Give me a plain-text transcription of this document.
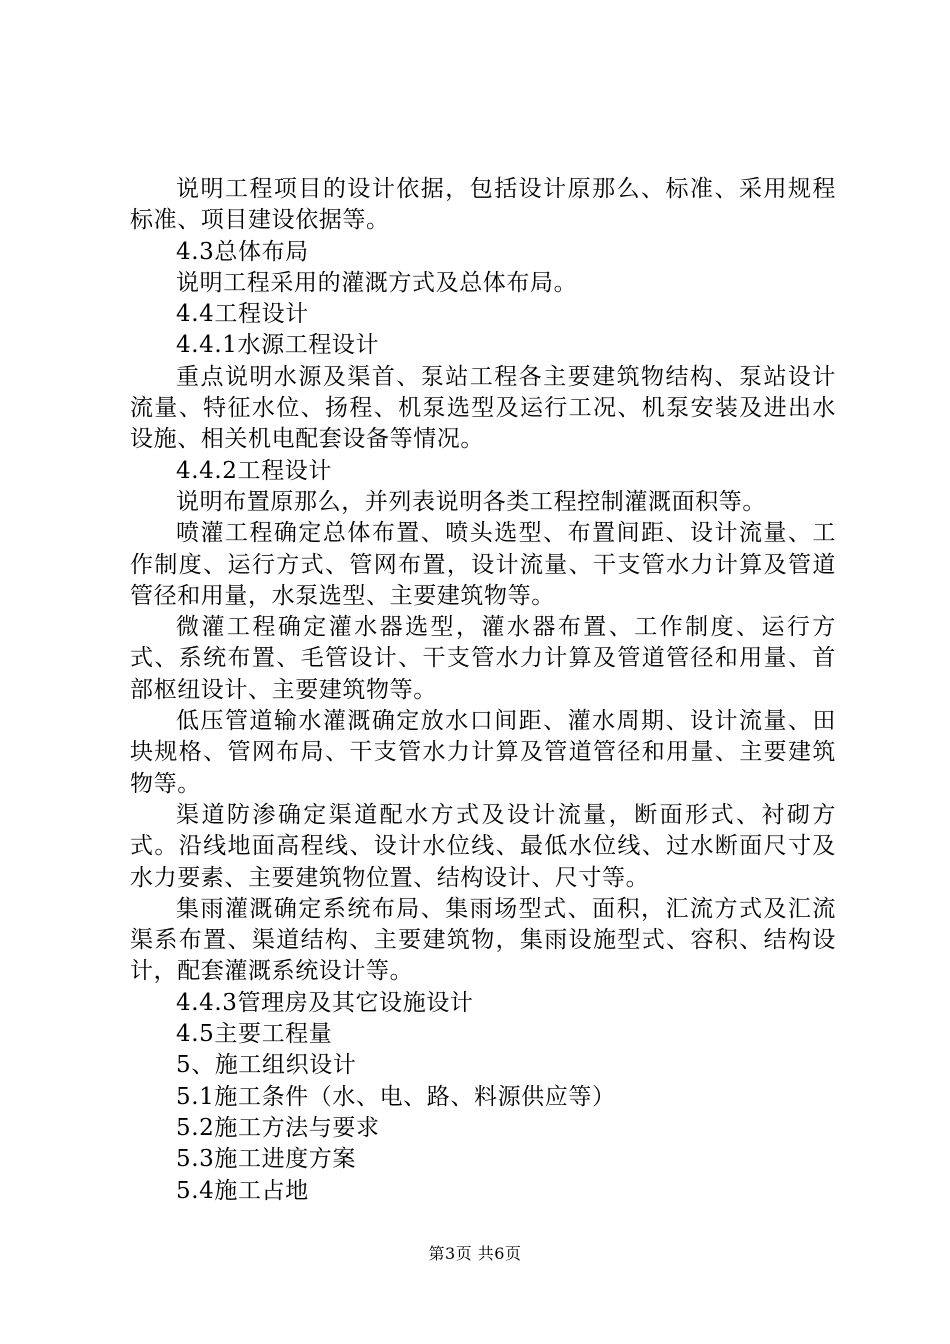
说明工程项目的设计依据，包括设计原那么、标准、采用规程标准、项目建设依据等。

4.3总体布局

说明工程采用的灌溉方式及总体布局。

4.4工程设计

4.4.1水源工程设计

重点说明水源及渠首、泵站工程各主要建筑物结构、泵站设计流量、特征水位、扬程、机泵选型及运行工况、机泵安装及进出水设施、相关机电配套设备等情况。

4.4.2工程设计

说明布置原那么，并列表说明各类工程控制灌溉面积等。

喷灌工程确定总体布置、喷头选型、布置间距、设计流量、工作制度、运行方式、管网布置，设计流量、干支管水力计算及管道管径和用量，水泵选型、主要建筑物等。

微灌工程确定灌水器选型，灌水器布置、工作制度、运行方式、系统布置、毛管设计、干支管水力计算及管道管径和用量、首部枢纽设计、主要建筑物等。

低压管道输水灌溉确定放水口间距、灌水周期、设计流量、田块规格、管网布局、干支管水力计算及管道管径和用量、主要建筑物等。

渠道防渗确定渠道配水方式及设计流量，断面形式、衬砌方式。沿线地面高程线、设计水位线、最低水位线、过水断面尺寸及水力要素、主要建筑物位置、结构设计、尺寸等。

集雨灌溉确定系统布局、集雨场型式、面积，汇流方式及汇流渠系布置、渠道结构、主要建筑物，集雨设施型式、容积、结构设计，配套灌溉系统设计等。

4.4.3管理房及其它设施设计

4.5主要工程量

5、施工组织设计

5.1施工条件（水、电、路、料源供应等）

5.2施工方法与要求

5.3施工进度方案

5.4施工占地

第3页 共6页
